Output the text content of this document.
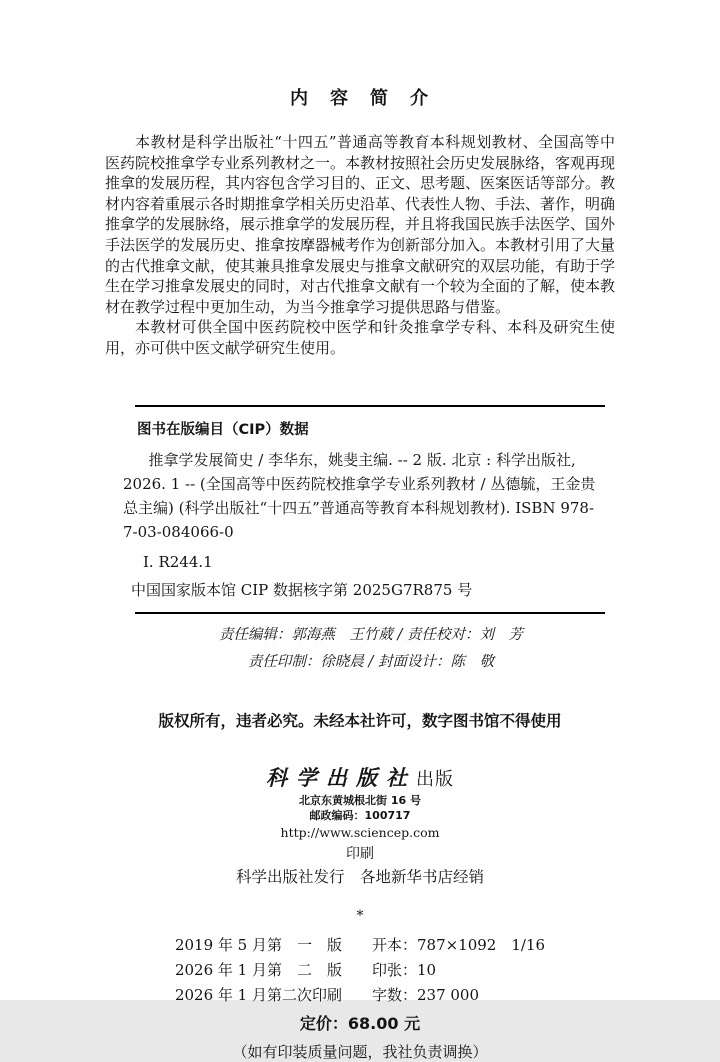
内　容　简　介

本教材是科学出版社“十四五”普通高等教育本科规划教材、全国高等中医药院校推拿学专业系列教材之一。本教材按照社会历史发展脉络，客观再现推拿的发展历程，其内容包含学习目的、正文、思考题、医案医话等部分。教材内容着重展示各时期推拿学相关历史沿革、代表性人物、手法、著作，明确推拿学的发展脉络，展示推拿学的发展历程，并且将我国民族手法医学、国外手法医学的发展历史、推拿按摩器械考作为创新部分加入。本教材引用了大量的古代推拿文献，使其兼具推拿发展史与推拿文献研究的双层功能，有助于学生在学习推拿发展史的同时，对古代推拿文献有一个较为全面的了解，使本教材在教学过程中更加生动，为当今推拿学习提供思路与借鉴。

本教材可供全国中医药院校中医学和针灸推拿学专科、本科及研究生使用，亦可供中医文献学研究生使用。

图书在版编目（CIP）数据
推拿学发展简史 / 李华东，姚斐主编. -- 2 版. 北京 : 科学出版社,
2026. 1 -- (全国高等中医药院校推拿学专业系列教材 / 丛德毓，王金贵
总主编) (科学出版社“十四五”普通高等教育本科规划教材). ISBN 978-
7-03-084066-0
Ⅰ. R244.1
中国国家版本馆 CIP 数据核字第 2025G7R875 号
责任编辑：郭海燕　王竹葳 / 责任校对：刘　芳
责任印制：徐晓晨 / 封面设计：陈　敬
版权所有，违者必究。未经本社许可，数字图书馆不得使用
科学出版社出版
北京东黄城根北街 16 号
邮政编码：100717
http://www.sciencep.com
印刷
科学出版社发行　各地新华书店经销
*
2019 年 5 月第　一　版　　开本：787×1092　1/16
2026 年 1 月第　二　版　　印张：10
2026 年 1 月第二次印刷　　字数：237 000
定价：68.00 元
（如有印装质量问题，我社负责调换）
